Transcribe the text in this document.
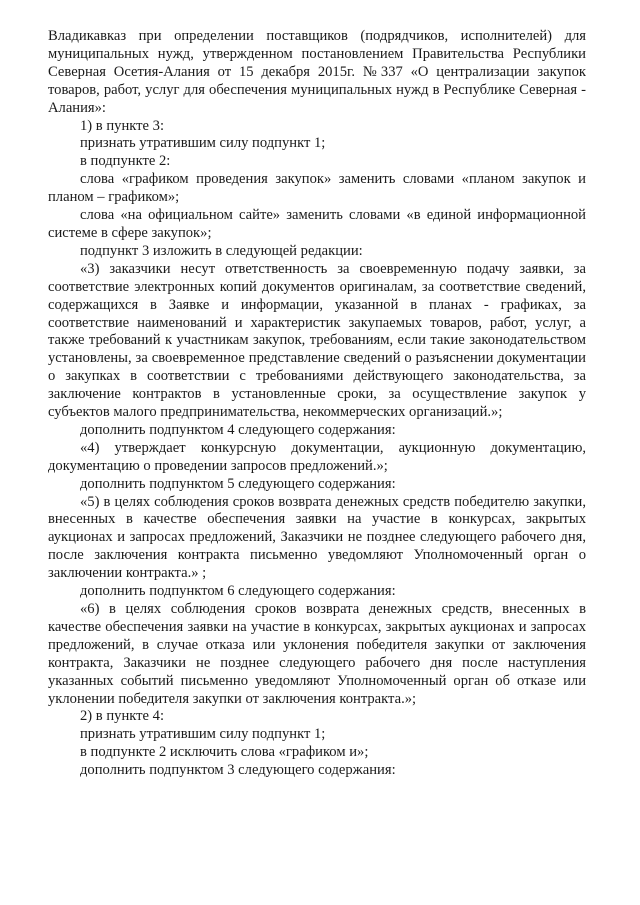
Владикавказ при определении поставщиков (подрядчиков, исполнителей) для муниципальных нужд, утвержденном постановлением Правительства Республики Северная Осетия-Алания от 15 декабря 2015г. №337 «О централизации закупок товаров, работ, услуг для обеспечения муниципальных нужд в Республике Северная - Алания»:

1) в пункте 3:

признать утратившим силу подпункт 1;

в подпункте 2:

слова «графиком проведения закупок» заменить словами «планом закупок и планом – графиком»;

слова «на официальном сайте» заменить словами «в единой информационной системе в сфере закупок»;

подпункт 3 изложить в следующей редакции:

«3) заказчики несут ответственность за своевременную подачу заявки, за соответствие электронных копий документов оригиналам, за соответствие сведений, содержащихся в Заявке и информации, указанной в планах - графиках, за соответствие наименований и характеристик закупаемых товаров, работ, услуг, а также требований к участникам закупок, требованиям, если такие законодательством установлены, за своевременное представление сведений о разъяснении документации о закупках в соответствии с требованиями действующего законодательства, за заключение контрактов в установленные сроки, за осуществление закупок у субъектов малого предпринимательства, некоммерческих организаций.»;

дополнить подпунктом 4 следующего содержания:

«4) утверждает конкурсную документации, аукционную документацию, документацию о проведении запросов предложений.»;

дополнить подпунктом 5 следующего содержания:

«5) в целях соблюдения сроков возврата денежных средств победителю закупки, внесенных в качестве обеспечения заявки на участие в конкурсах, закрытых аукционах и запросах предложений, Заказчики не позднее следующего рабочего дня, после заключения контракта письменно уведомляют Уполномоченный орган о заключении контракта.» ;

дополнить подпунктом 6 следующего содержания:

«6) в целях соблюдения сроков возврата денежных средств, внесенных в качестве обеспечения заявки на участие в конкурсах, закрытых аукционах и запросах предложений, в случае отказа или уклонения победителя закупки от заключения контракта, Заказчики не позднее следующего рабочего дня после наступления указанных событий письменно уведомляют Уполномоченный орган об отказе или уклонении победителя закупки от заключения контракта.»;

2) в пункте 4:

признать утратившим силу подпункт 1;

в подпункте 2 исключить слова «графиком и»;

дополнить подпунктом 3 следующего содержания:
